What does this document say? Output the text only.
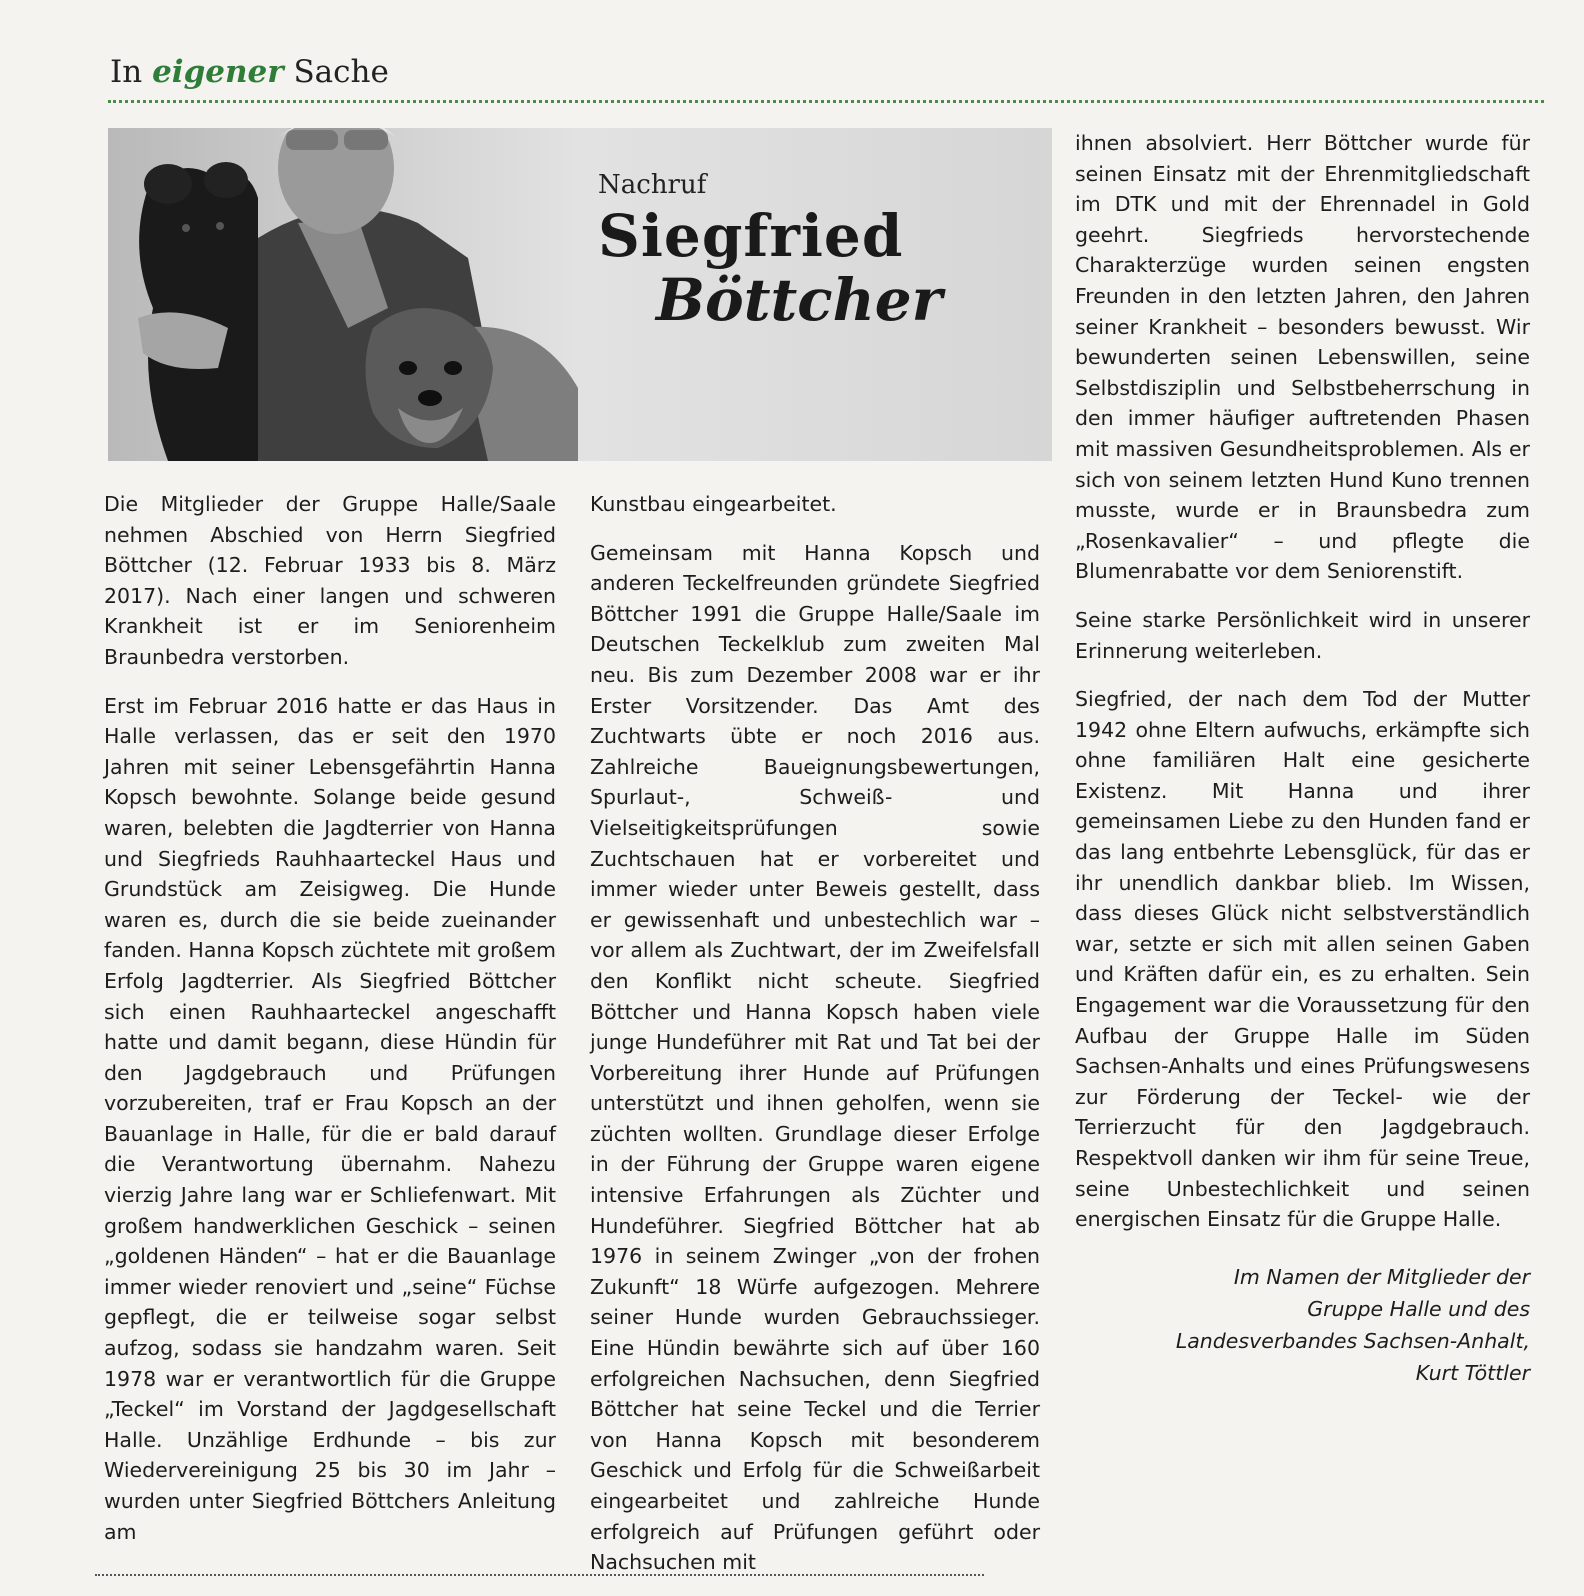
In eigener Sache
Nachruf
Siegfried
Böttcher

Die Mitglieder der Gruppe Halle/Saale nehmen Abschied von Herrn Siegfried Böttcher (12. Februar 1933 bis 8. März 2017). Nach einer langen und schweren Krankheit ist er im Seniorenheim Braunbedra verstorben.

Erst im Februar 2016 hatte er das Haus in Halle verlassen, das er seit den 1970 Jahren mit seiner Lebensgefährtin Hanna Kopsch bewohnte. Solange beide gesund waren, belebten die Jagdterrier von Hanna und Siegfrieds Rauhhaarteckel Haus und Grundstück am Zeisigweg. Die Hunde waren es, durch die sie beide zueinander fanden. Hanna Kopsch züchtete mit großem Erfolg Jagdterrier. Als Siegfried Böttcher sich einen Rauhhaarteckel angeschafft hatte und damit begann, diese Hündin für den Jagdgebrauch und Prüfungen vorzubereiten, traf er Frau Kopsch an der Bauanlage in Halle, für die er bald darauf die Verantwortung übernahm. Nahezu vierzig Jahre lang war er Schliefenwart. Mit großem handwerklichen Geschick – seinen „goldenen Händen“ – hat er die Bauanlage immer wieder renoviert und „seine“ Füchse gepflegt, die er teilweise sogar selbst aufzog, sodass sie handzahm waren. Seit 1978 war er verantwortlich für die Gruppe „Teckel“ im Vorstand der Jagdgesellschaft Halle. Unzählige Erdhunde – bis zur Wiedervereinigung 25 bis 30 im Jahr – wurden unter Siegfried Böttchers Anleitung am

Kunstbau eingearbeitet.

Gemeinsam mit Hanna Kopsch und anderen Teckelfreunden gründete Siegfried Böttcher 1991 die Gruppe Halle/Saale im Deutschen Teckelklub zum zweiten Mal neu. Bis zum Dezember 2008 war er ihr Erster Vorsitzender. Das Amt des Zuchtwarts übte er noch 2016 aus. Zahlreiche Baueignungsbewertungen, Spurlaut-, Schweiß- und Vielseitigkeitsprüfungen sowie Zuchtschauen hat er vorbereitet und immer wieder unter Beweis gestellt, dass er gewissenhaft und unbestechlich war – vor allem als Zuchtwart, der im Zweifelsfall den Konflikt nicht scheute. Siegfried Böttcher und Hanna Kopsch haben viele junge Hundeführer mit Rat und Tat bei der Vorbereitung ihrer Hunde auf Prüfungen unterstützt und ihnen geholfen, wenn sie züchten wollten. Grundlage dieser Erfolge in der Führung der Gruppe waren eigene intensive Erfahrungen als Züchter und Hundeführer. Siegfried Böttcher hat ab 1976 in seinem Zwinger „von der frohen Zukunft“ 18 Würfe aufgezogen. Mehrere seiner Hunde wurden Gebrauchssieger. Eine Hündin bewährte sich auf über 160 erfolgreichen Nachsuchen, denn Siegfried Böttcher hat seine Teckel und die Terrier von Hanna Kopsch mit besonderem Geschick und Erfolg für die Schweißarbeit eingearbeitet und zahlreiche Hunde erfolgreich auf Prüfungen geführt oder Nachsuchen mit

ihnen absolviert. Herr Böttcher wurde für seinen Einsatz mit der Ehrenmitgliedschaft im DTK und mit der Ehrennadel in Gold geehrt. Siegfrieds hervorstechende Charakterzüge wurden seinen engsten Freunden in den letzten Jahren, den Jahren seiner Krankheit – besonders bewusst. Wir bewunderten seinen Lebenswillen, seine Selbstdisziplin und Selbstbeherrschung in den immer häufiger auftretenden Phasen mit massiven Gesundheitsproblemen. Als er sich von seinem letzten Hund Kuno trennen musste, wurde er in Braunsbedra zum „Rosenkavalier“ – und pflegte die Blumenrabatte vor dem Seniorenstift.

Seine starke Persönlichkeit wird in unserer Erinnerung weiterleben.

Siegfried, der nach dem Tod der Mutter 1942 ohne Eltern aufwuchs, erkämpfte sich ohne familiären Halt eine gesicherte Existenz. Mit Hanna und ihrer gemeinsamen Liebe zu den Hunden fand er das lang entbehrte Lebensglück, für das er ihr unendlich dankbar blieb. Im Wissen, dass dieses Glück nicht selbstverständlich war, setzte er sich mit allen seinen Gaben und Kräften dafür ein, es zu erhalten. Sein Engagement war die Voraussetzung für den Aufbau der Gruppe Halle im Süden Sachsen-Anhalts und eines Prüfungswesens zur Förderung der Teckel- wie der Terrierzucht für den Jagdgebrauch. Respektvoll danken wir ihm für seine Treue, seine Unbestechlichkeit und seinen energischen Einsatz für die Gruppe Halle.

Im Namen der Mitglieder der
Gruppe Halle und des
Landesverbandes Sachsen-Anhalt,
Kurt Töttler
